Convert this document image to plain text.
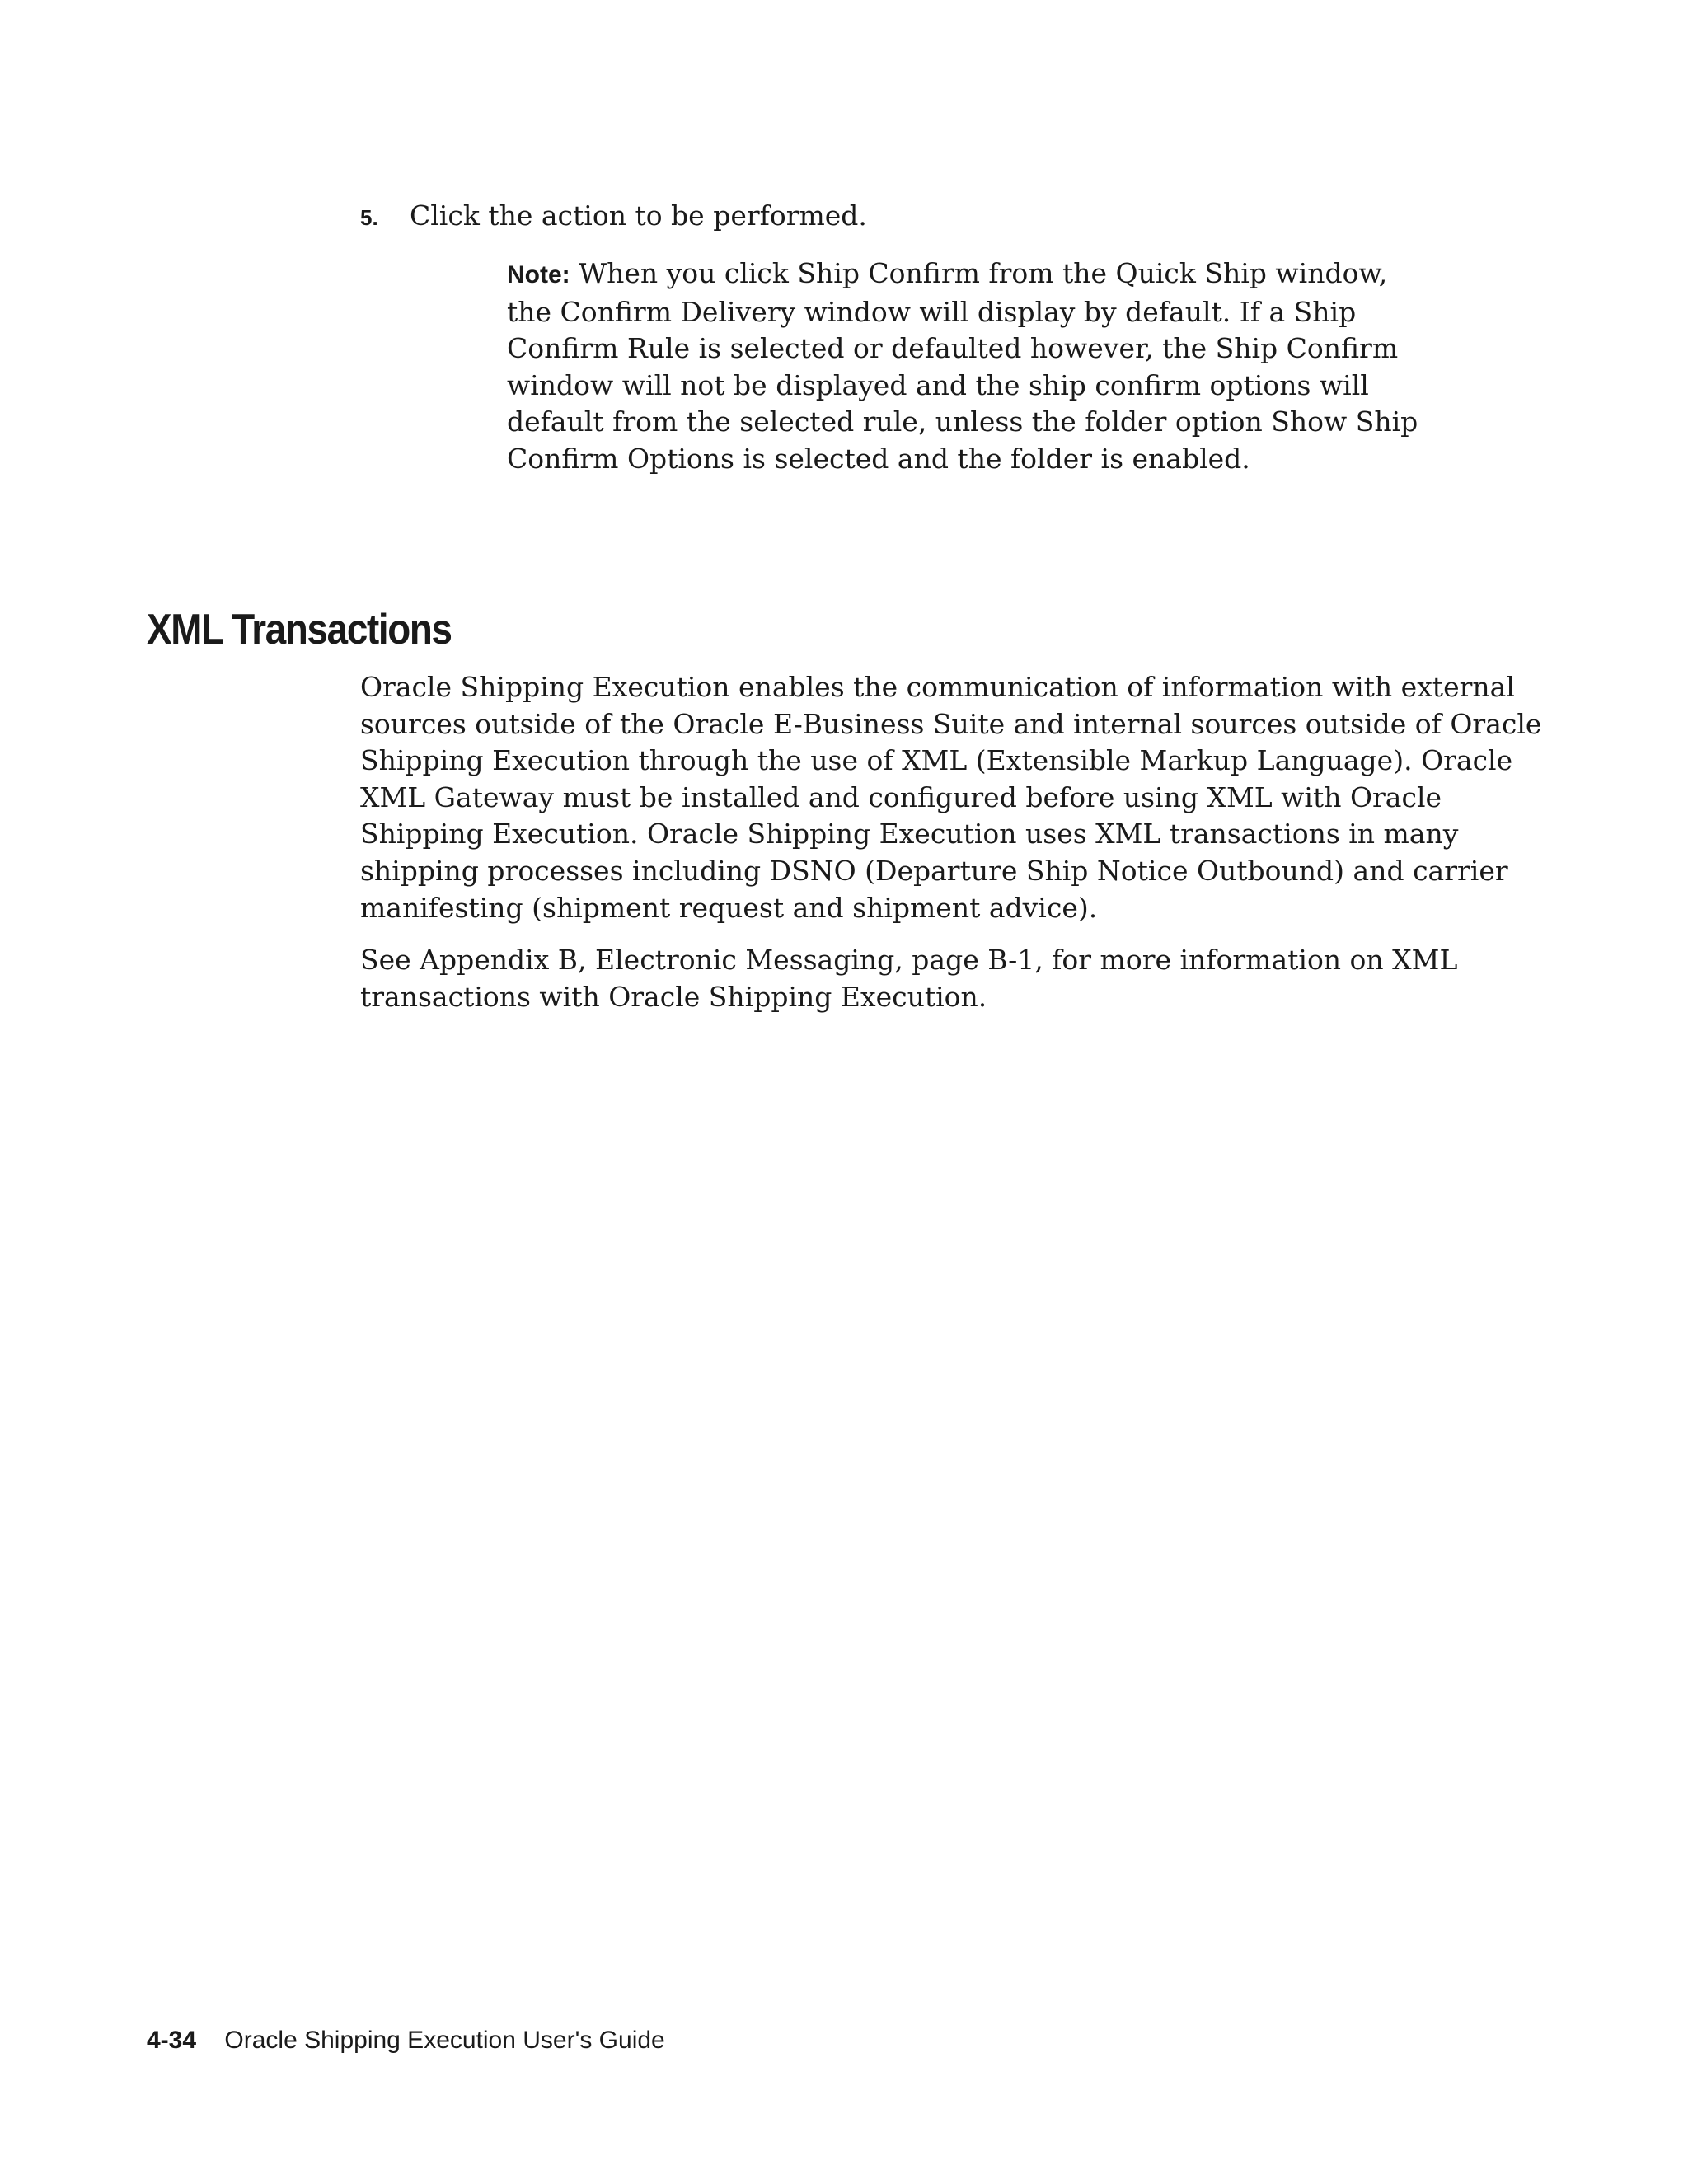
5. Click the action to be performed.
Note: When you click Ship Confirm from the Quick Ship window,
the Confirm Delivery window will display by default. If a Ship
Confirm Rule is selected or defaulted however, the Ship Confirm
window will not be displayed and the ship confirm options will
default from the selected rule, unless the folder option Show Ship
Confirm Options is selected and the folder is enabled.
XML Transactions

Oracle Shipping Execution enables the communication of information with external
sources outside of the Oracle E-Business Suite and internal sources outside of Oracle
Shipping Execution through the use of XML (Extensible Markup Language). Oracle
XML Gateway must be installed and configured before using XML with Oracle
Shipping Execution. Oracle Shipping Execution uses XML transactions in many
shipping processes including DSNO (Departure Ship Notice Outbound) and carrier
manifesting (shipment request and shipment advice).

See Appendix B, Electronic Messaging, page B-1, for more information on XML
transactions with Oracle Shipping Execution.

4-34 Oracle Shipping Execution User's Guide
